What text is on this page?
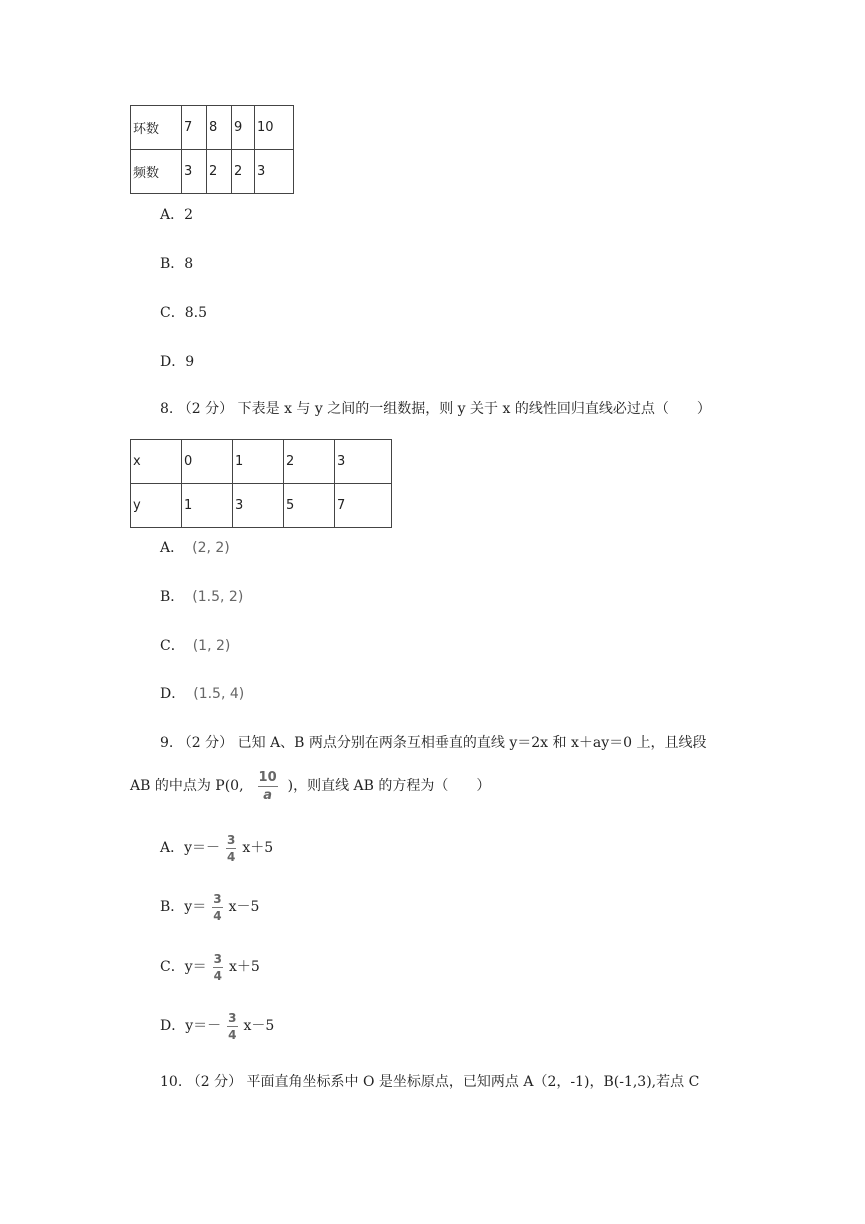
环数	7	8	9	10
频数	3	2	2	3
A．2
B．8
C．8.5
D．9
8. （2 分） 下表是 x 与 y 之间的一组数据，则 y 关于 x 的线性回归直线必过点（　　）
x	0	1	2	3
y	1	3	5	7
A． (2, 2)
B． (1.5, 2)
C． (1, 2)
D． (1.5, 4)
9. （2 分） 已知 A、B 两点分别在两条互相垂直的直线 y＝2x 和 x＋ay＝0 上，且线段
AB 的中点为 P(0, $\frac{10}{a}$ )，则直线 AB 的方程为（　　）
A．$y=- \frac{3}{4} x+5$
B．$y= \frac{3}{4} x-5$
C．$y= \frac{3}{4} x+5$
D．$y=- \frac{3}{4} x-5$
10. （2 分） 平面直角坐标系中 O 是坐标原点，已知两点 A（2，-1)，B(-1,3),若点 C
